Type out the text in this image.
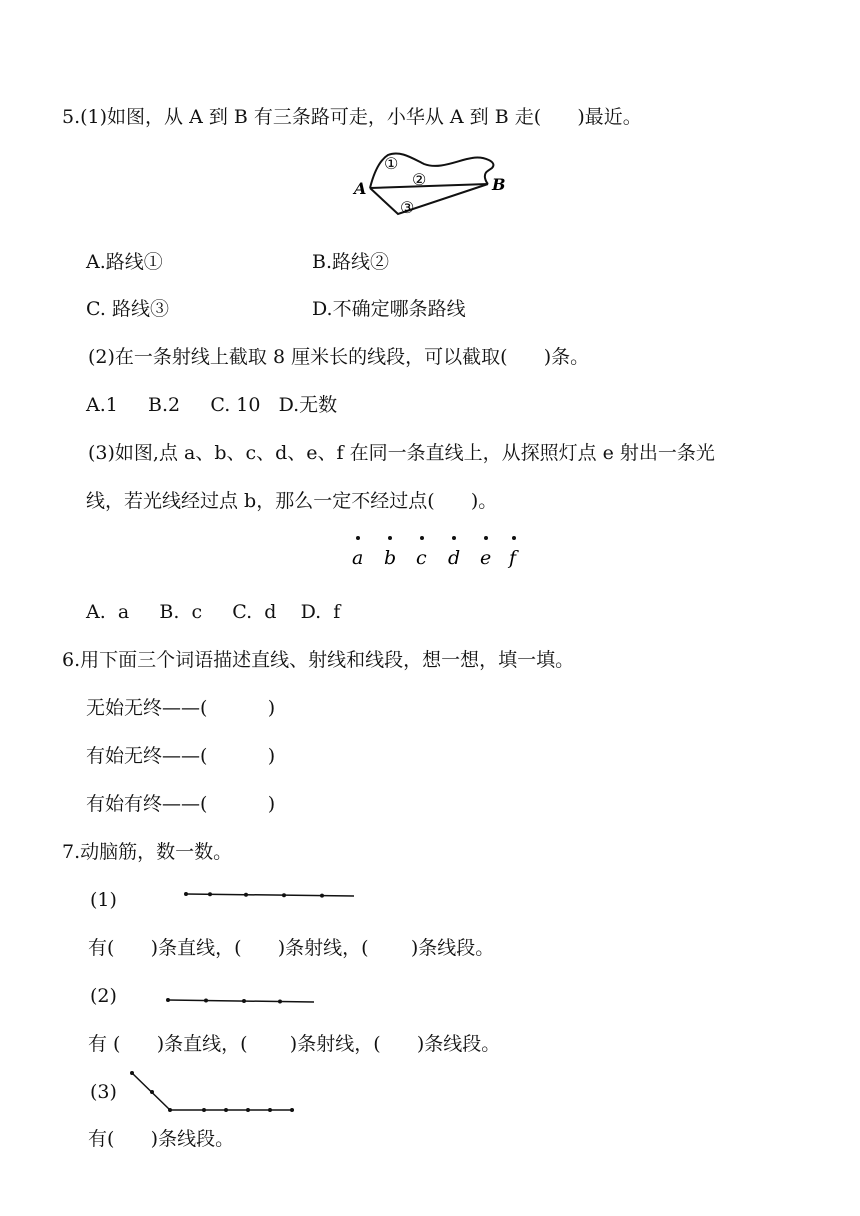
5.(1)如图，从 A 到 B 有三条路可走，小华从 A 到 B 走(      )最近。
A	B
①
②
③
A.路线①	B.路线②
C. 路线③	D.不确定哪条路线
(2)在一条射线上截取 8 厘米长的线段，可以截取(      )条。
A.1     B.2     C. 10   D.无数
(3)如图,点 a、b、c、d、e、f 在同一条直线上，从探照灯点 e 射出一条光
线，若光线经过点 b，那么一定不经过点(      )。
a b c d e f
A.  a     B.  c     C.  d    D.  f
6.用下面三个词语描述直线、射线和线段，想一想，填一填。
无始无终——(          )
有始无终——(          )
有始有终——(          )
7.动脑筋，数一数。
(1)
有(      )条直线，(      )条射线，(       )条线段。
(2)
有 (      )条直线，(       )条射线，(      )条线段。
(3)
有(      )条线段。
